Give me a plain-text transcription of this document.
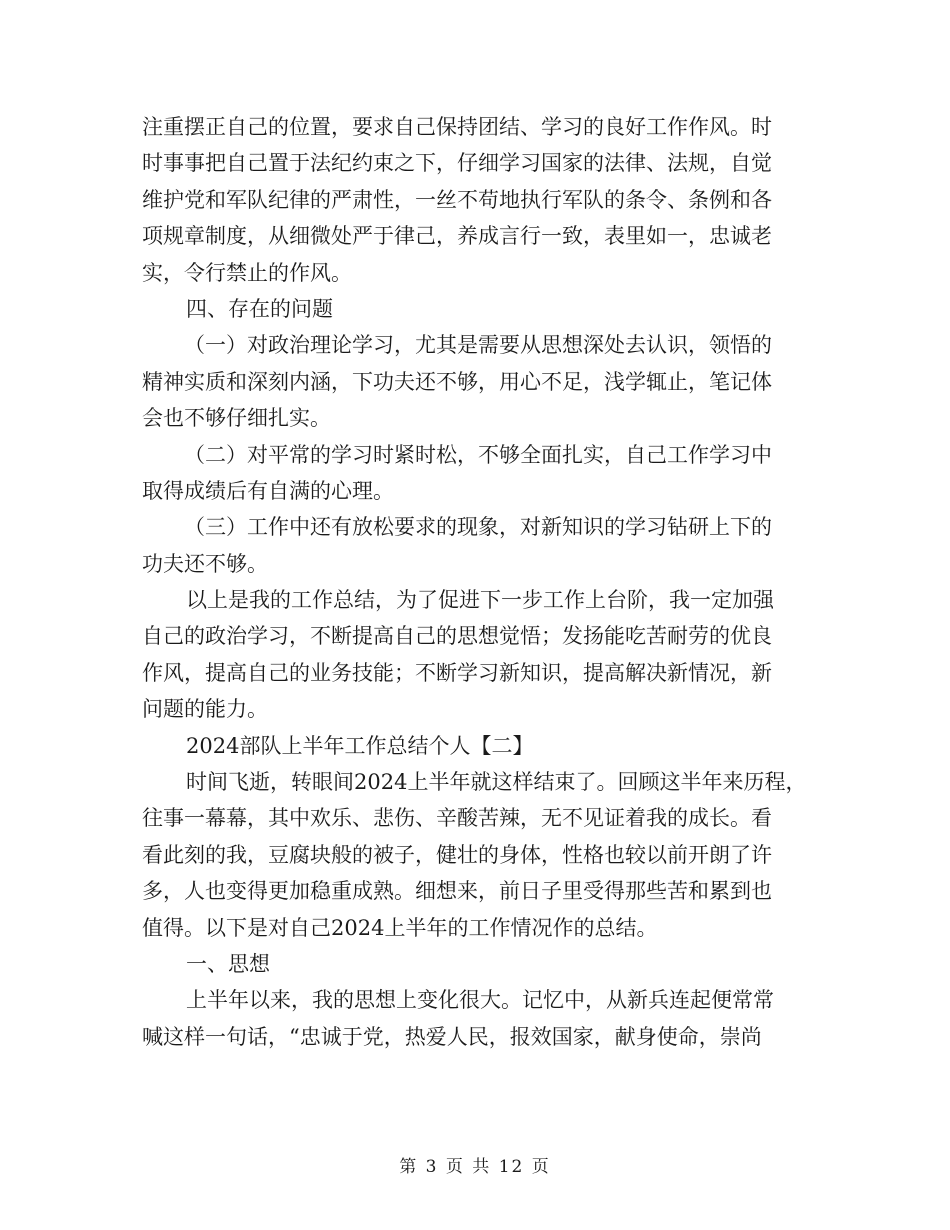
注重摆正自己的位置，要求自己保持团结、学习的良好工作作风。时
时事事把自己置于法纪约束之下，仔细学习国家的法律、法规，自觉
维护党和军队纪律的严肃性，一丝不苟地执行军队的条令、条例和各
项规章制度，从细微处严于律己，养成言行一致，表里如一，忠诚老
实，令行禁止的作风。
四、存在的问题
（一）对政治理论学习，尤其是需要从思想深处去认识，领悟的
精神实质和深刻内涵，下功夫还不够，用心不足，浅学辄止，笔记体
会也不够仔细扎实。
（二）对平常的学习时紧时松，不够全面扎实，自己工作学习中
取得成绩后有自满的心理。
（三）工作中还有放松要求的现象，对新知识的学习钻研上下的
功夫还不够。
以上是我的工作总结，为了促进下一步工作上台阶，我一定加强
自己的政治学习，不断提高自己的思想觉悟；发扬能吃苦耐劳的优良
作风，提高自己的业务技能；不断学习新知识，提高解决新情况，新
问题的能力。
2024部队上半年工作总结个人【二】
时间飞逝，转眼间2024上半年就这样结束了。回顾这半年来历程，
往事一幕幕，其中欢乐、悲伤、辛酸苦辣，无不见证着我的成长。看
看此刻的我，豆腐块般的被子，健壮的身体，性格也较以前开朗了许
多，人也变得更加稳重成熟。细想来，前日子里受得那些苦和累到也
值得。以下是对自己2024上半年的工作情况作的总结。
一、思想
上半年以来，我的思想上变化很大。记忆中，从新兵连起便常常
喊这样一句话，“忠诚于党，热爱人民，报效国家，献身使命，崇尚
第 3 页 共 12 页
